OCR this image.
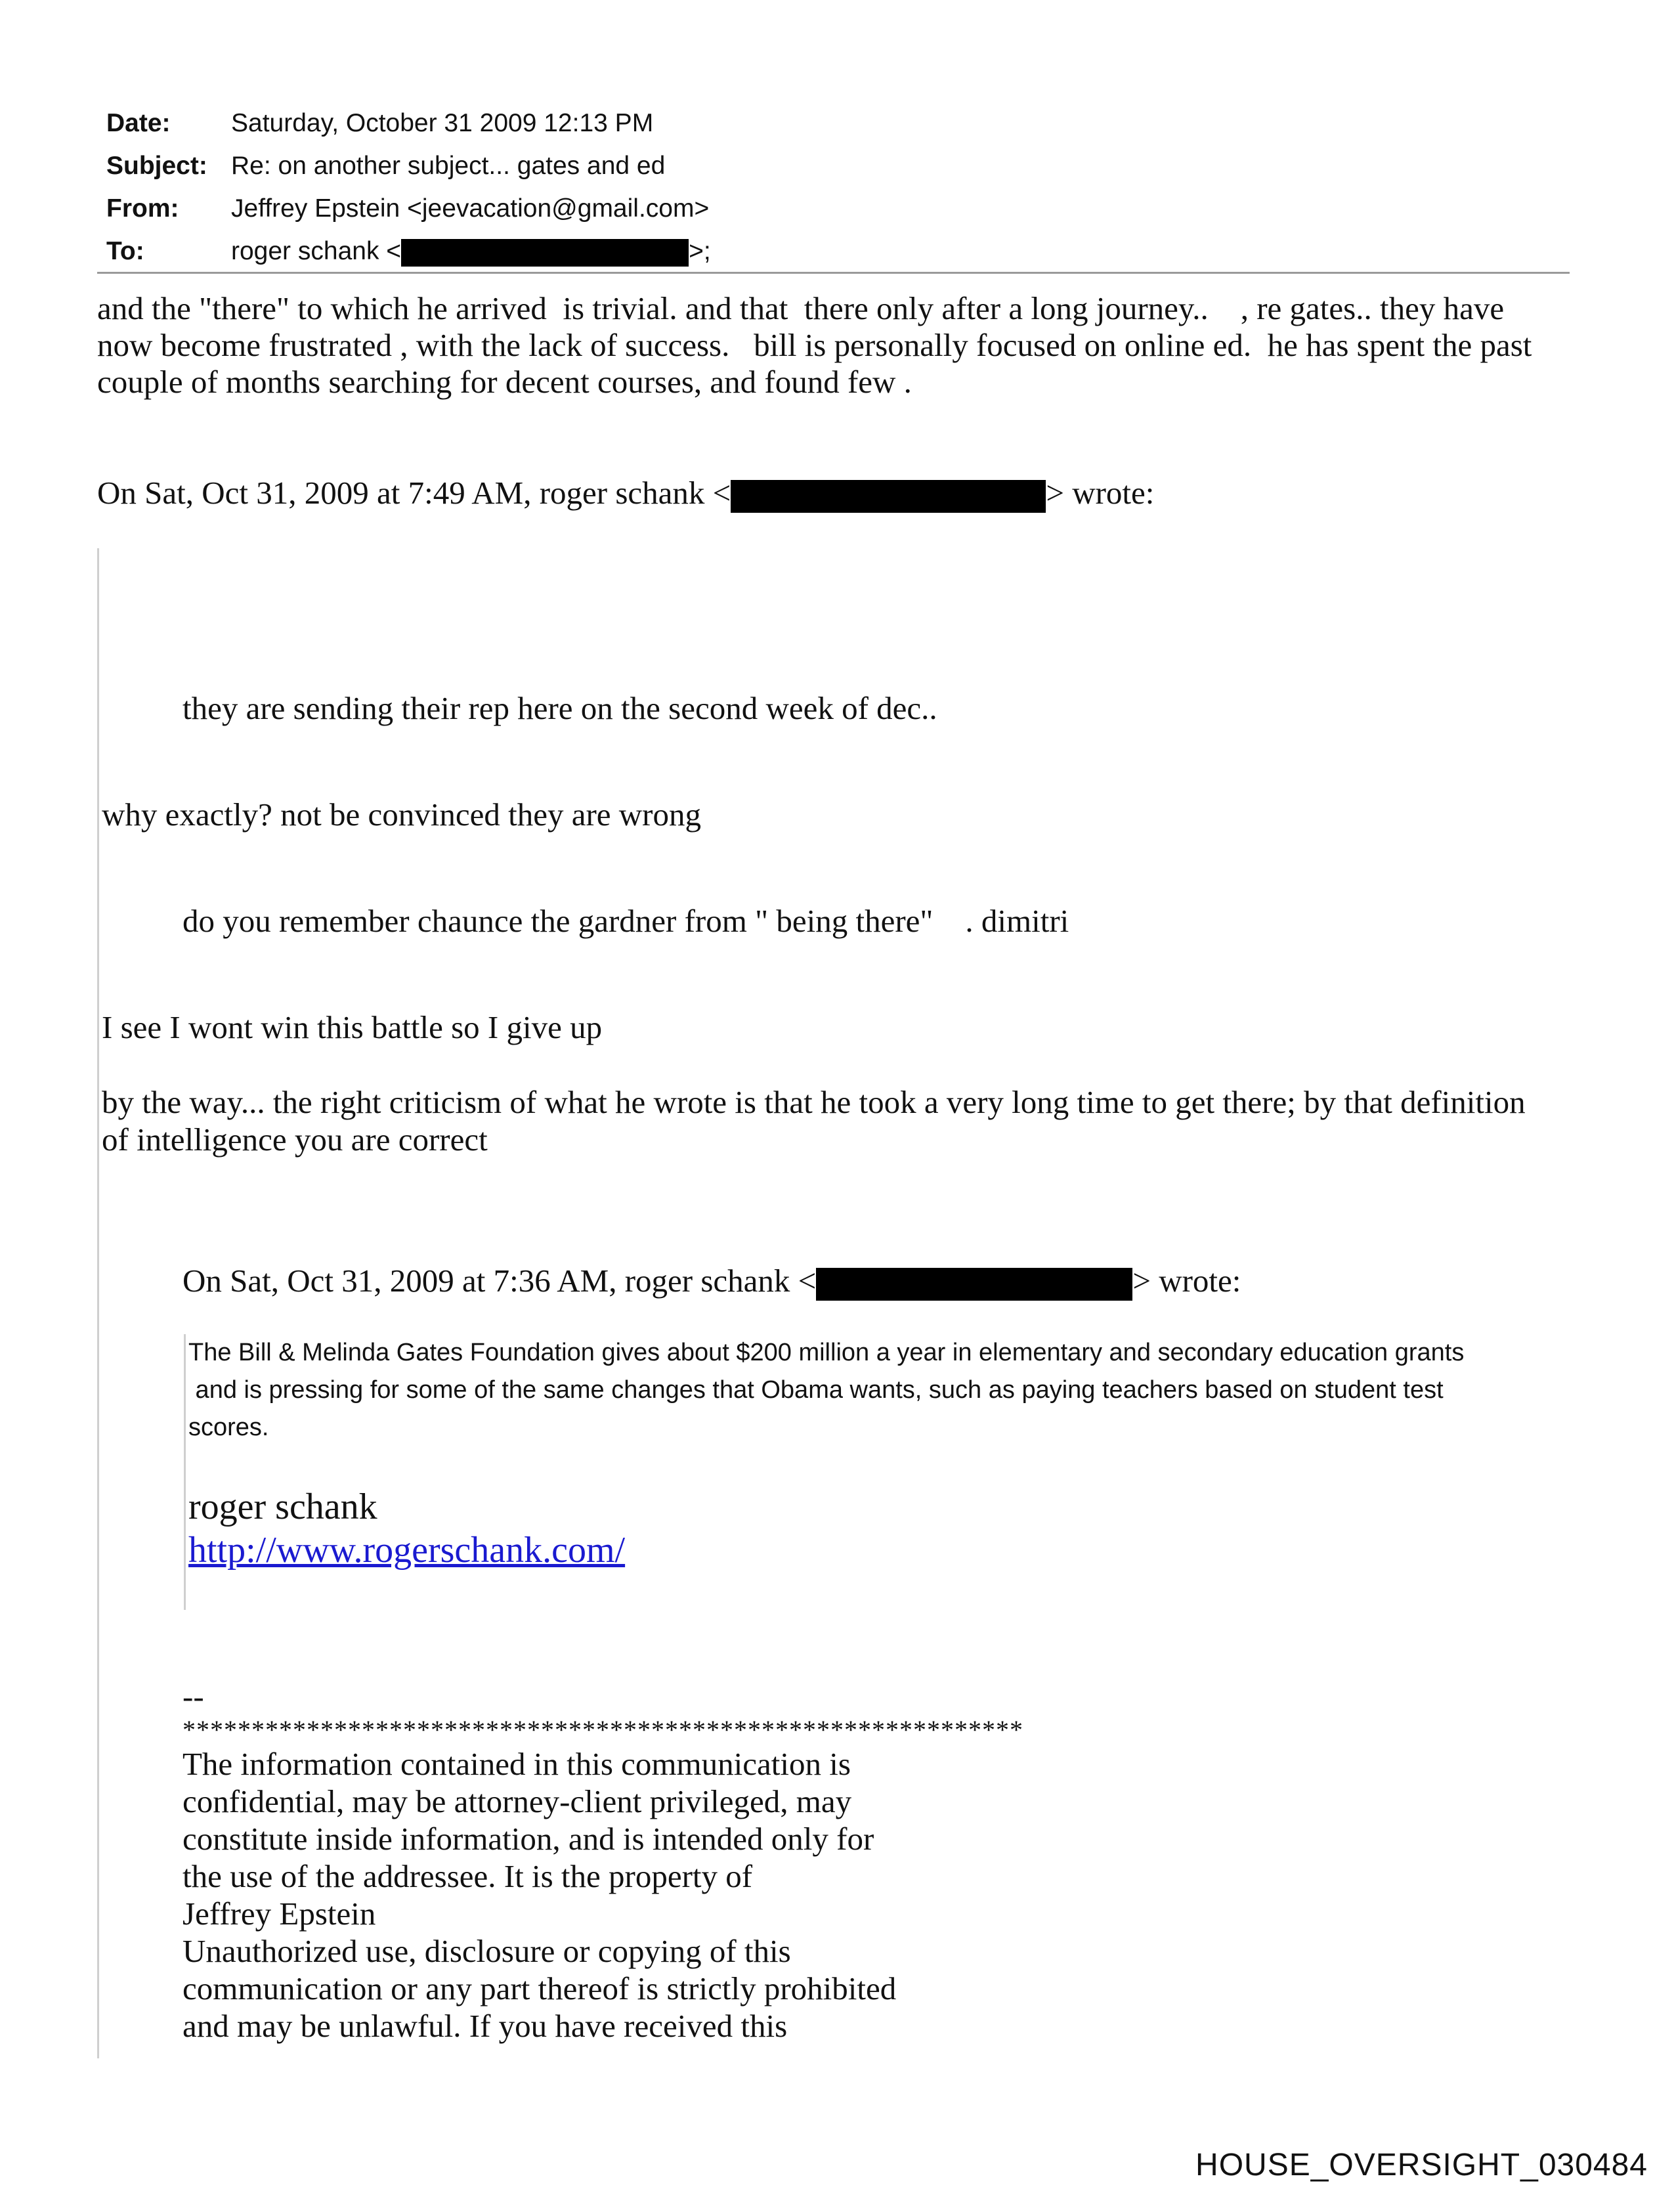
Date: Saturday, October 31 2009 12:13 PM
Subject: Re: on another subject... gates and ed
From: Jeffrey Epstein <jeevacation@gmail.com>
To:	roger schank <	>;
and the "there" to which he arrived  is trivial. and that  there only after a long journey..    , re gates.. they have
now become frustrated , with the lack of success.   bill is personally focused on online ed.  he has spent the past
couple of months searching for decent courses, and found few .
On Sat, Oct 31, 2009 at 7:49 AM, roger schank <	> wrote:
they are sending their rep here on the second week of dec..
why exactly? not be convinced they are wrong
do you remember chaunce the gardner from " being there"    . dimitri
I see I wont win this battle so I give up
by the way... the right criticism of what he wrote is that he took a very long time to get there; by that definition
of intelligence you are correct
On Sat, Oct 31, 2009 at 7:36 AM, roger schank <	> wrote:
The Bill & Melinda Gates Foundation gives about $200 million a year in elementary and secondary education grants
and is pressing for some of the same changes that Obama wants, such as paying teachers based on student test
scores.
roger schank
http://www.rogerschank.com/
--
*************************************************************
The information contained in this communication is
confidential, may be attorney-client privileged, may
constitute inside information, and is intended only for
the use of the addressee. It is the property of
Jeffrey Epstein
Unauthorized use, disclosure or copying of this
communication or any part thereof is strictly prohibited
and may be unlawful. If you have received this
HOUSE_OVERSIGHT_030484
